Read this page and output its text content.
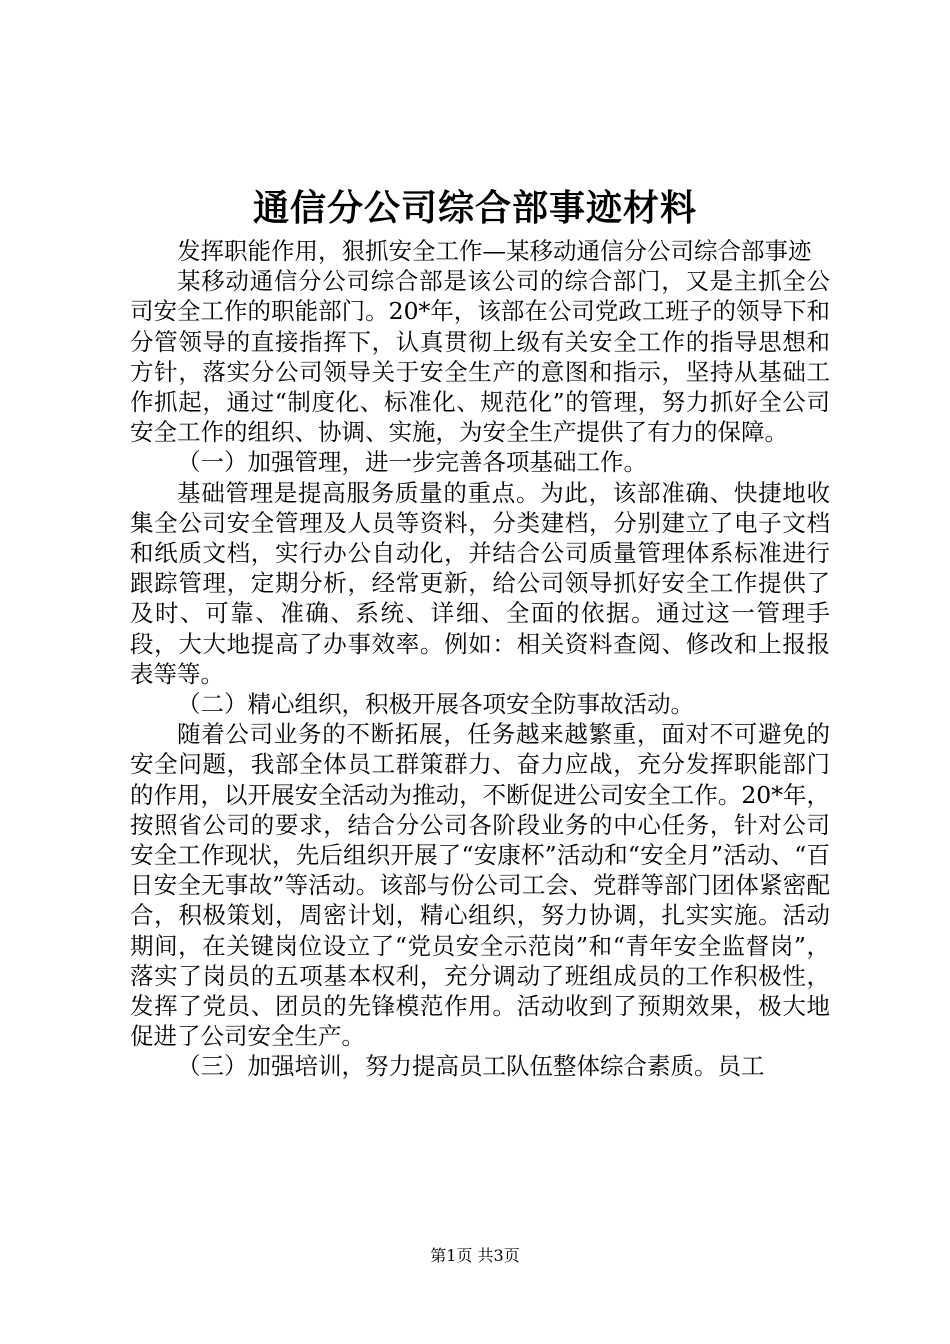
通信分公司综合部事迹材料

发挥职能作用，狠抓安全工作—某移动通信分公司综合部事迹

某移动通信分公司综合部是该公司的综合部门，又是主抓全公司安全工作的职能部门。20*年，该部在公司党政工班子的领导下和分管领导的直接指挥下，认真贯彻上级有关安全工作的指导思想和方针，落实分公司领导关于安全生产的意图和指示，坚持从基础工作抓起，通过“制度化、标准化、规范化”的管理，努力抓好全公司安全工作的组织、协调、实施，为安全生产提供了有力的保障。

（一）加强管理，进一步完善各项基础工作。

基础管理是提高服务质量的重点。为此，该部准确、快捷地收集全公司安全管理及人员等资料，分类建档，分别建立了电子文档和纸质文档，实行办公自动化，并结合公司质量管理体系标准进行跟踪管理，定期分析，经常更新，给公司领导抓好安全工作提供了及时、可靠、准确、系统、详细、全面的依据。通过这一管理手段，大大地提高了办事效率。例如：相关资料查阅、修改和上报报表等等。

（二）精心组织，积极开展各项安全防事故活动。

随着公司业务的不断拓展，任务越来越繁重，面对不可避免的安全问题，我部全体员工群策群力、奋力应战，充分发挥职能部门的作用，以开展安全活动为推动，不断促进公司安全工作。20*年，按照省公司的要求，结合分公司各阶段业务的中心任务，针对公司安全工作现状，先后组织开展了“安康杯”活动和“安全月”活动、“百日安全无事故”等活动。该部与份公司工会、党群等部门团体紧密配合，积极策划，周密计划，精心组织，努力协调，扎实实施。活动期间，在关键岗位设立了“党员安全示范岗”和“青年安全监督岗”，落实了岗员的五项基本权利，充分调动了班组成员的工作积极性，发挥了党员、团员的先锋模范作用。活动收到了预期效果，极大地促进了公司安全生产。

（三）加强培训，努力提高员工队伍整体综合素质。员工

第1页 共3页
